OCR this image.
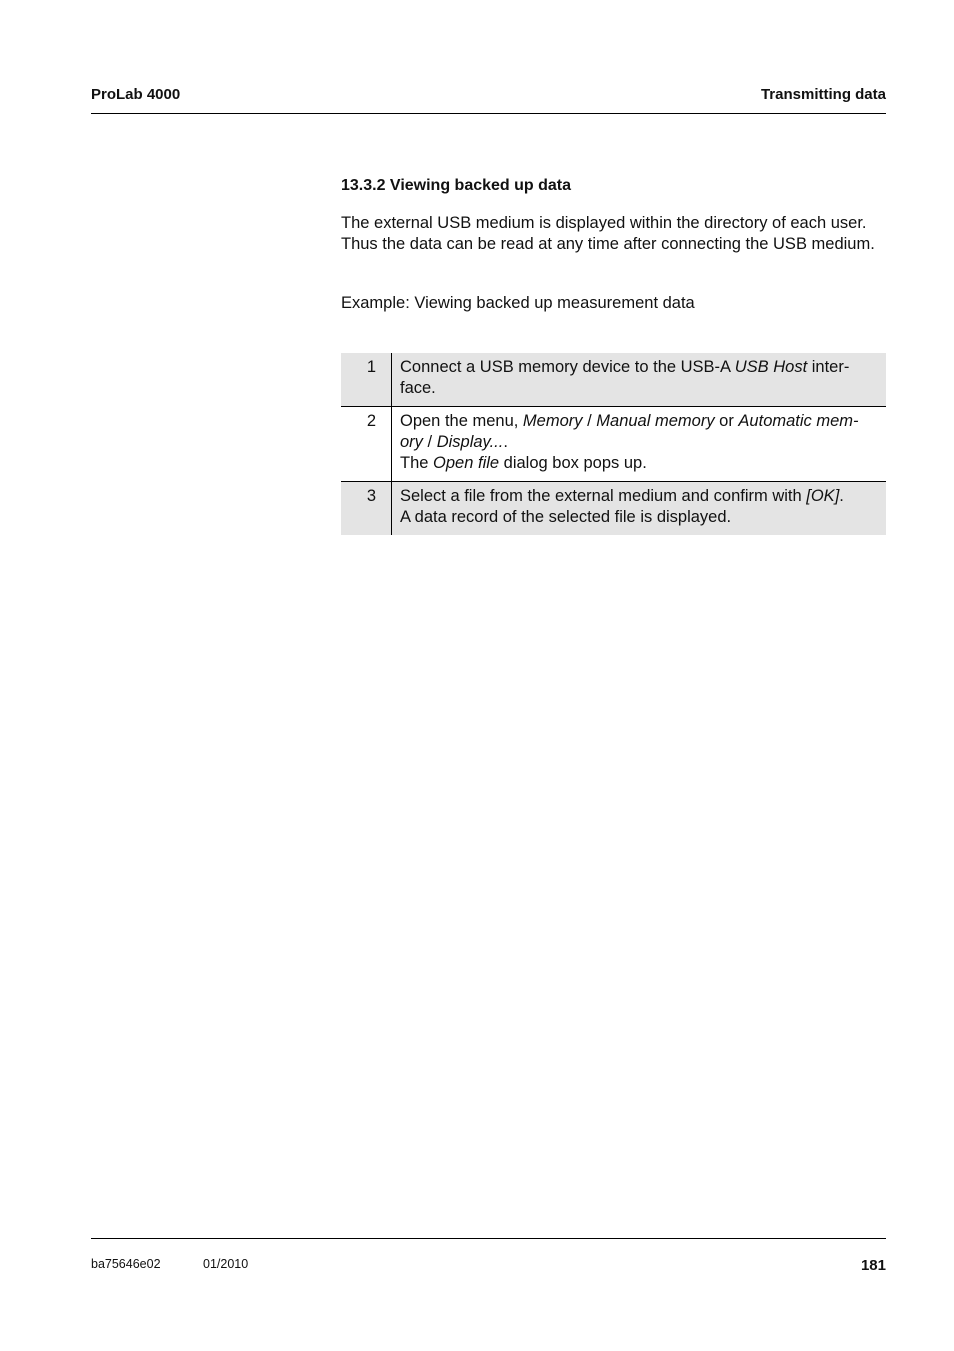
ProLab 4000	Transmitting data
13.3.2 Viewing backed up data

The external USB medium is displayed within the directory of each user. Thus the data can be read at any time after connecting the USB medium.

Example: Viewing backed up measurement data

1	Connect a USB memory device to the USB-A USB Host inter-
face.
2	Open the menu, Memory / Manual memory or Automatic mem-
ory / Display....
The Open file dialog box pops up.
3	Select a file from the external medium and confirm with [OK].
A data record of the selected file is displayed.
ba75646e02	01/2010	181
